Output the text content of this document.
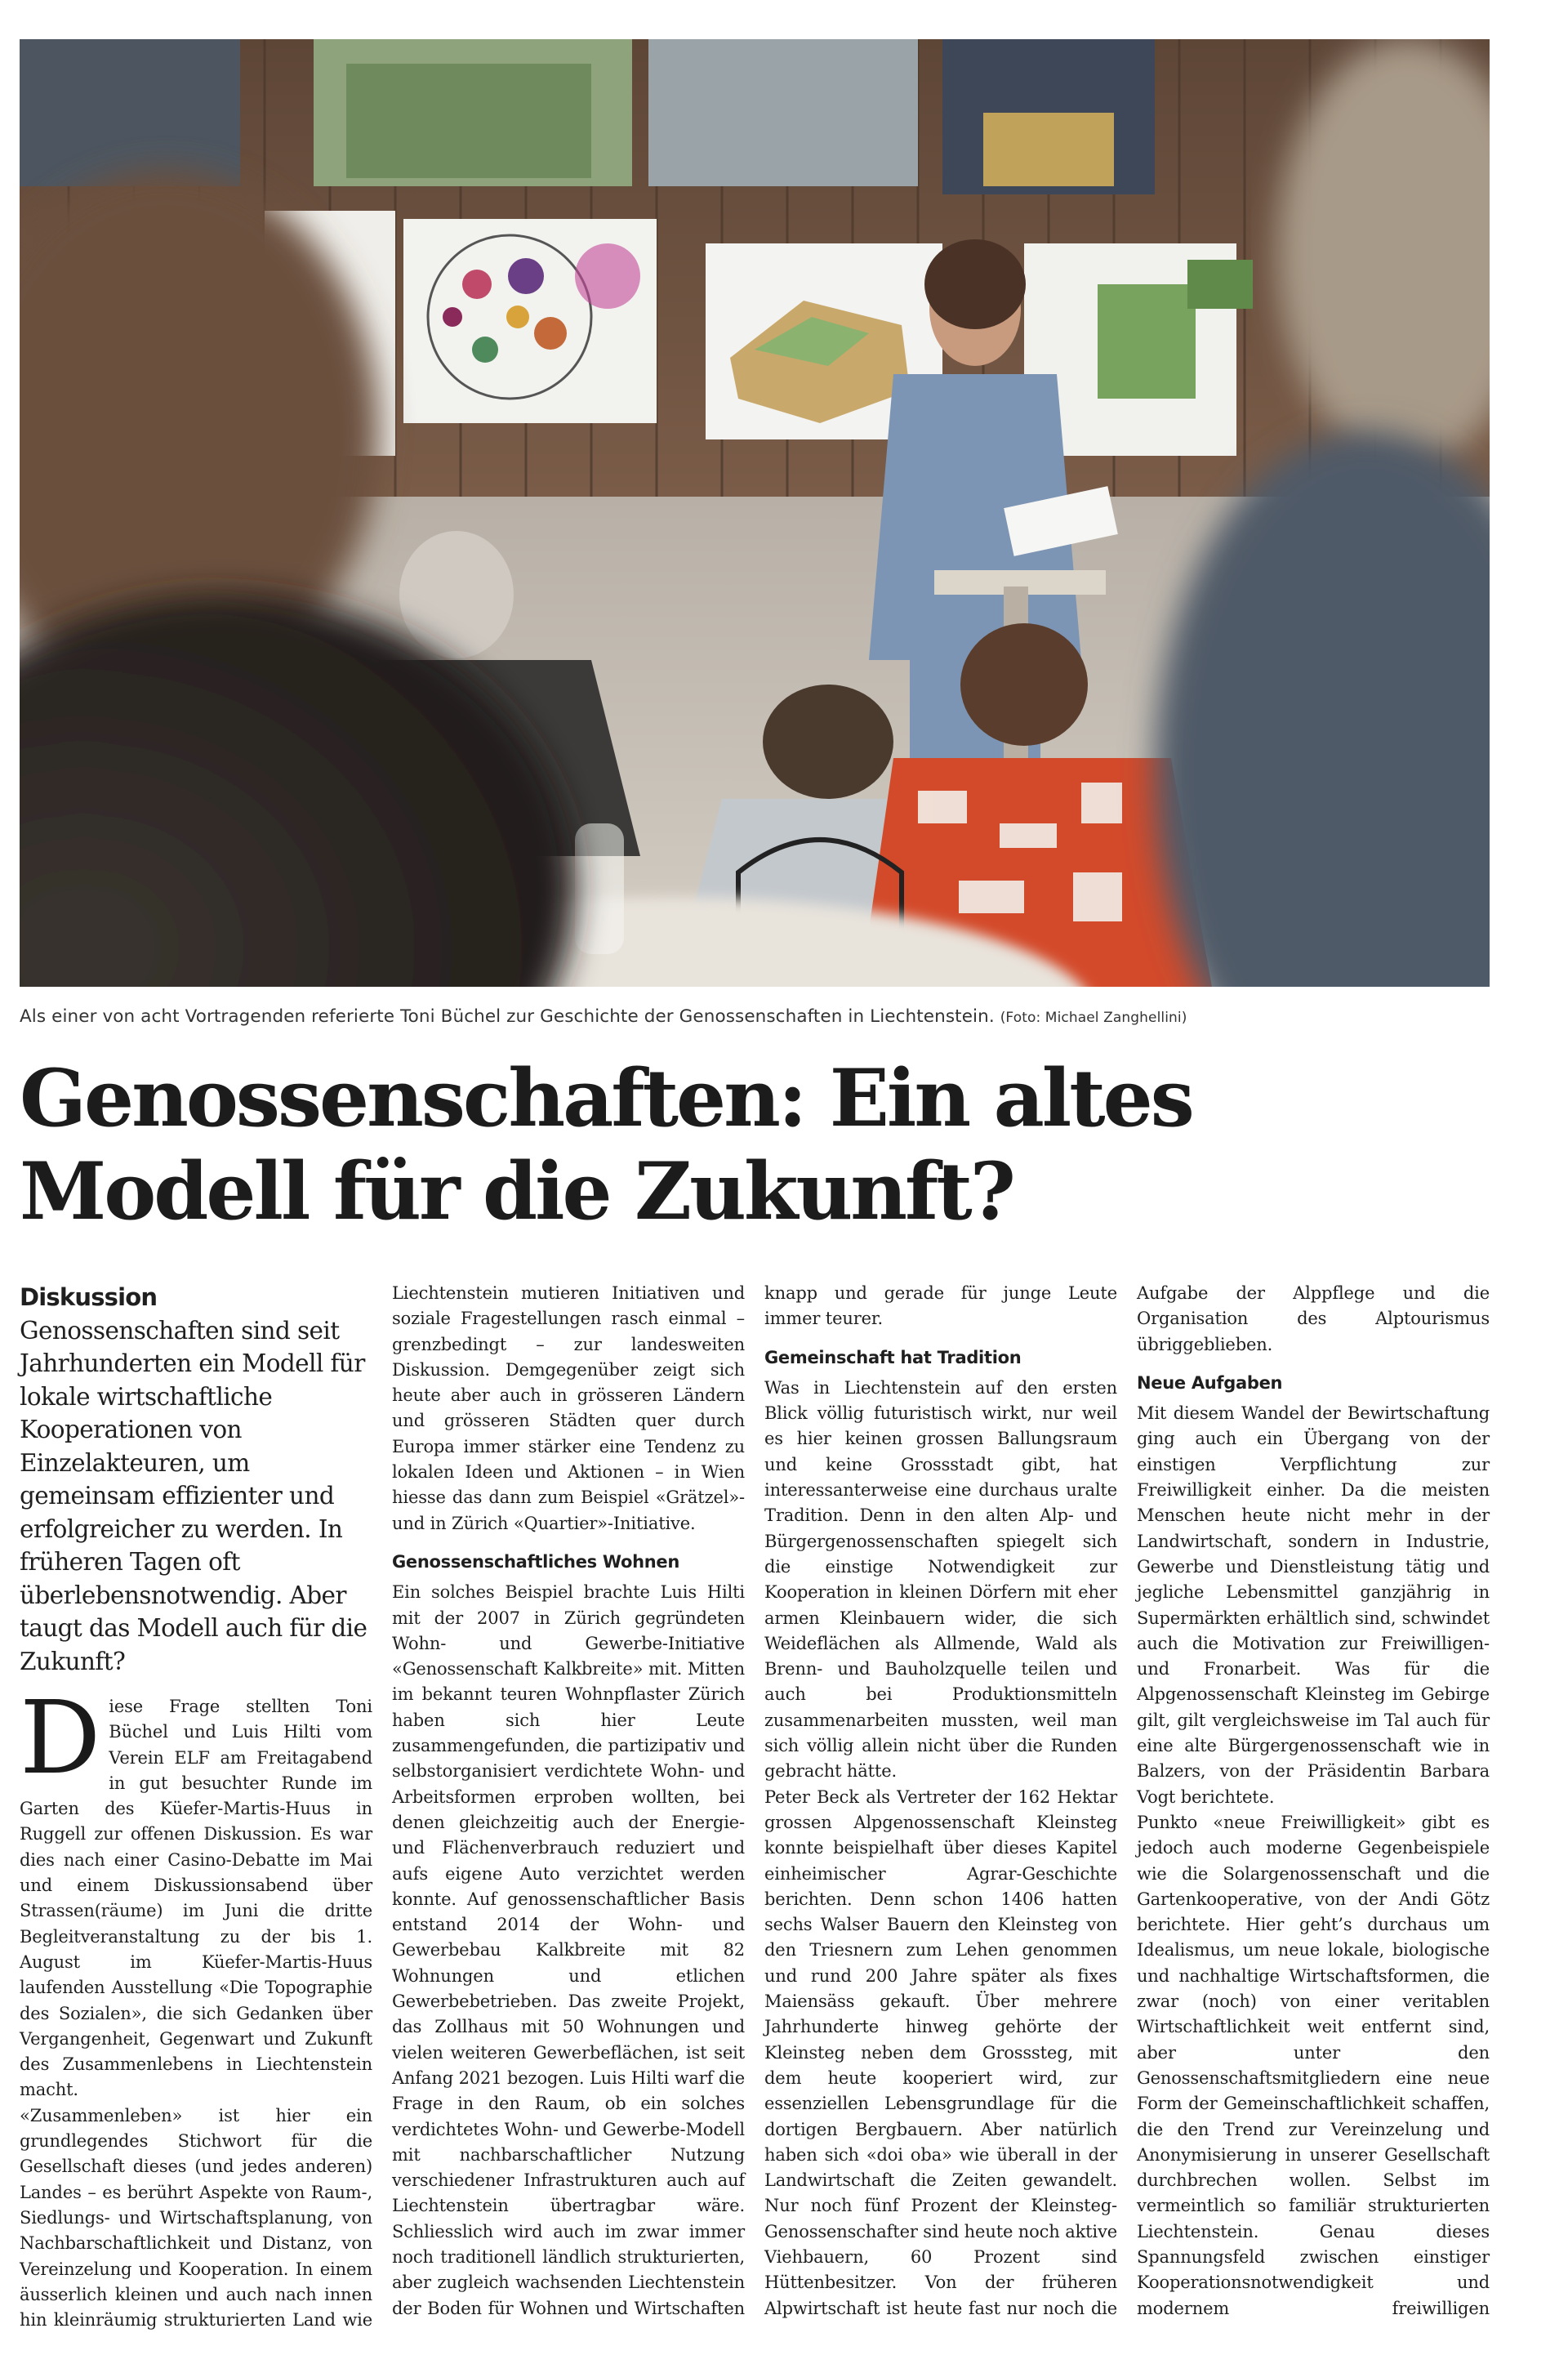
Als einer von acht Vortragenden referierte Toni Büchel zur Geschichte der Genossenschaften in Liechtenstein. (Foto: Michael Zanghellini)
Genossenschaften: Ein altes
Modell für die Zukunft?

Diskussion Genossenschaften sind seit Jahrhunderten ein Modell für lokale wirtschaftliche Kooperationen von Einzelakteuren, um gemeinsam effizienter und erfolgreicher zu werden. In früheren Tagen oft überlebensnotwendig. Aber taugt das Modell auch für die Zukunft?

Diese Frage stellten Toni Büchel und Luis Hilti vom Verein ELF am Freitagabend in gut besuchter Runde im Garten des Küefer-Martis-Huus in Ruggell zur offenen Diskussion. Es war dies nach einer Casino-Debatte im Mai und einem Diskussionsabend über Strassen(räume) im Juni die dritte Begleitveranstaltung zu der bis 1. August im Küefer-Martis-Huus laufenden Ausstellung «Die Topographie des Sozialen», die sich Gedanken über Vergangenheit, Gegenwart und Zukunft des Zusammenlebens in Liechtenstein macht.

«Zusammenleben» ist hier ein grundlegendes Stichwort für die Gesellschaft dieses (und jedes anderen) Landes – es berührt Aspekte von Raum-, Siedlungs- und Wirtschaftsplanung, von Nachbarschaftlichkeit und Distanz, von Vereinzelung und Kooperation. In einem äusserlich kleinen und auch nach innen hin kleinräumig strukturierten Land wie

Liechtenstein mutieren Initiativen und soziale Fragestellungen rasch einmal – grenzbedingt – zur landesweiten Diskussion. Demgegenüber zeigt sich heute aber auch in grösseren Ländern und grösseren Städten quer durch Europa immer stärker eine Tendenz zu lokalen Ideen und Aktionen – in Wien hiesse das dann zum Beispiel «Grätzel»- und in Zürich «Quartier»-Initiative.

Genossenschaftliches Wohnen

Ein solches Beispiel brachte Luis Hilti mit der 2007 in Zürich gegründeten Wohn- und Gewerbe-Initiative «Genossenschaft Kalkbreite» mit. Mitten im bekannt teuren Wohnpflaster Zürich haben sich hier Leute zusammengefunden, die partizipativ und selbstorganisiert verdichtete Wohn- und Arbeitsformen erproben wollten, bei denen gleichzeitig auch der Energie- und Flächenverbrauch reduziert und aufs eigene Auto verzichtet werden konnte. Auf genossenschaftlicher Basis entstand 2014 der Wohn- und Gewerbebau Kalkbreite mit 82 Wohnungen und etlichen Gewerbebetrieben. Das zweite Projekt, das Zollhaus mit 50 Wohnungen und vielen weiteren Gewerbeflächen, ist seit Anfang 2021 bezogen. Luis Hilti warf die Frage in den Raum, ob ein solches verdichtetes Wohn- und Gewerbe-Modell mit nachbarschaftlicher Nutzung verschiedener Infrastrukturen auch auf Liechtenstein übertragbar wäre. Schliesslich wird auch im zwar immer noch traditionell ländlich strukturierten, aber zugleich wachsenden Liechtenstein der Boden für Wohnen und Wirtschaften

knapp und gerade für junge Leute immer teurer.

Gemeinschaft hat Tradition

Was in Liechtenstein auf den ersten Blick völlig futuristisch wirkt, nur weil es hier keinen grossen Ballungsraum und keine Grossstadt gibt, hat interessanterweise eine durchaus uralte Tradition. Denn in den alten Alp- und Bürgergenossenschaften spiegelt sich die einstige Notwendigkeit zur Kooperation in kleinen Dörfern mit eher armen Kleinbauern wider, die sich Weideflächen als Allmende, Wald als Brenn- und Bauholzquelle teilen und auch bei Produktionsmitteln zusammenarbeiten mussten, weil man sich völlig allein nicht über die Runden gebracht hätte.

Peter Beck als Vertreter der 162 Hektar grossen Alpgenossenschaft Kleinsteg konnte beispielhaft über dieses Kapitel einheimischer Agrar-Geschichte berichten. Denn schon 1406 hatten sechs Walser Bauern den Kleinsteg von den Triesnern zum Lehen genommen und rund 200 Jahre später als fixes Maiensäss gekauft. Über mehrere Jahrhunderte hinweg gehörte der Kleinsteg neben dem Grosssteg, mit dem heute kooperiert wird, zur essenziellen Lebensgrundlage für die dortigen Bergbauern. Aber natürlich haben sich «doi oba» wie überall in der Landwirtschaft die Zeiten gewandelt. Nur noch fünf Prozent der Kleinsteg-Genossenschafter sind heute noch aktive Viehbauern, 60 Prozent sind Hüttenbesitzer. Von der früheren Alpwirtschaft ist heute fast nur noch die

Aufgabe der Alppflege und die Organisation des Alptourismus übriggeblieben.

Neue Aufgaben

Mit diesem Wandel der Bewirtschaftung ging auch ein Übergang von der einstigen Verpflichtung zur Freiwilligkeit einher. Da die meisten Menschen heute nicht mehr in der Landwirtschaft, sondern in Industrie, Gewerbe und Dienstleistung tätig und jegliche Lebensmittel ganzjährig in Supermärkten erhältlich sind, schwindet auch die Motivation zur Freiwilligen- und Fronarbeit. Was für die Alpgenossenschaft Kleinsteg im Gebirge gilt, gilt vergleichsweise im Tal auch für eine alte Bürgergenossenschaft wie in Balzers, von der Präsidentin Barbara Vogt berichtete.

Punkto «neue Freiwilligkeit» gibt es jedoch auch moderne Gegenbeispiele wie die Solargenossenschaft und die Gartenkooperative, von der Andi Götz berichtete. Hier geht’s durchaus um Idealismus, um neue lokale, biologische und nachhaltige Wirtschaftsformen, die zwar (noch) von einer veritablen Wirtschaftlichkeit weit entfernt sind, aber unter den Genossenschaftsmitgliedern eine neue Form der Gemeinschaftlichkeit schaffen, die den Trend zur Vereinzelung und Anonymisierung in unserer Gesellschaft durchbrechen wollen. Selbst im vermeintlich so familiär strukturierten Liechtenstein. Genau dieses Spannungsfeld zwischen einstiger Kooperationsnotwendigkeit und modernem freiwilligen
